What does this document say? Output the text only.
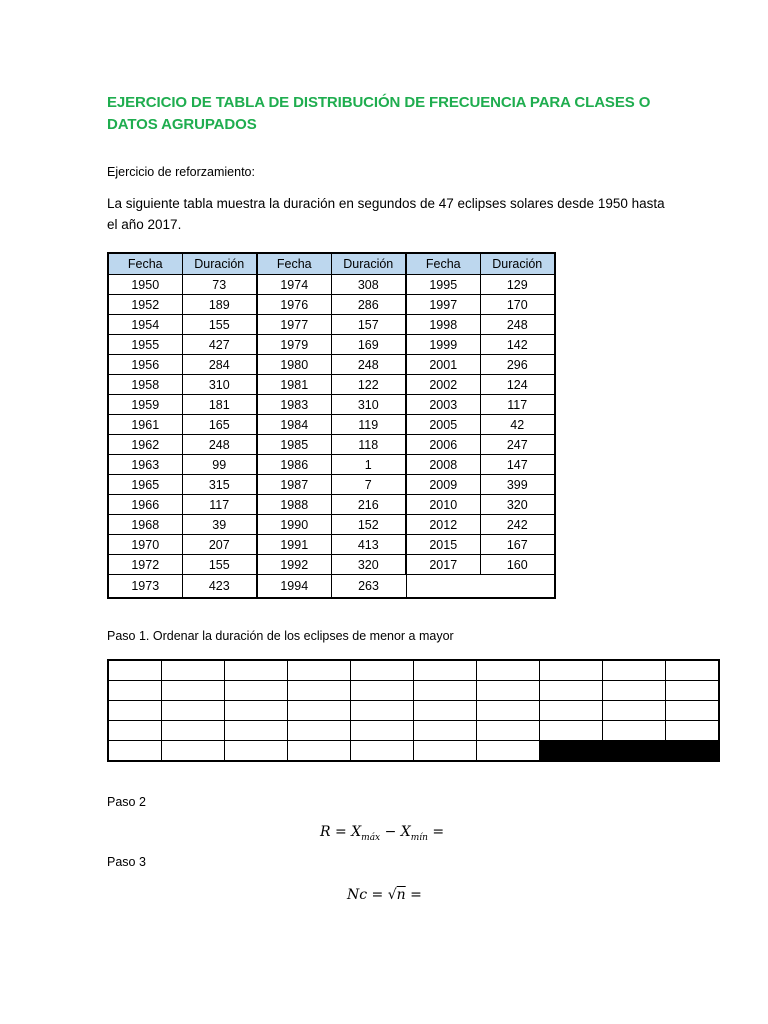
EJERCICIO DE TABLA DE DISTRIBUCIÓN DE FRECUENCIA PARA CLASES O DATOS AGRUPADOS
Ejercicio de reforzamiento:
La siguiente tabla muestra la duración en segundos de 47 eclipses solares desde 1950 hasta el año 2017.
Fecha	Duración	Fecha	Duración	Fecha	Duración
1950	73	1974	308	1995	129
1952	189	1976	286	1997	170
1954	155	1977	157	1998	248
1955	427	1979	169	1999	142
1956	284	1980	248	2001	296
1958	310	1981	122	2002	124
1959	181	1983	310	2003	117
1961	165	1984	119	2005	42
1962	248	1985	118	2006	247
1963	99	1986	1	2008	147
1965	315	1987	7	2009	399
1966	117	1988	216	2010	320
1968	39	1990	152	2012	242
1970	207	1991	413	2015	167
1972	155	1992	320	2017	160
1973	423	1994	263		
Paso 1. Ordenar la duración de los eclipses de menor a mayor

Paso 2
$R = X_{máx} - X_{mín}$ =
Paso 3
Nc = √n =
